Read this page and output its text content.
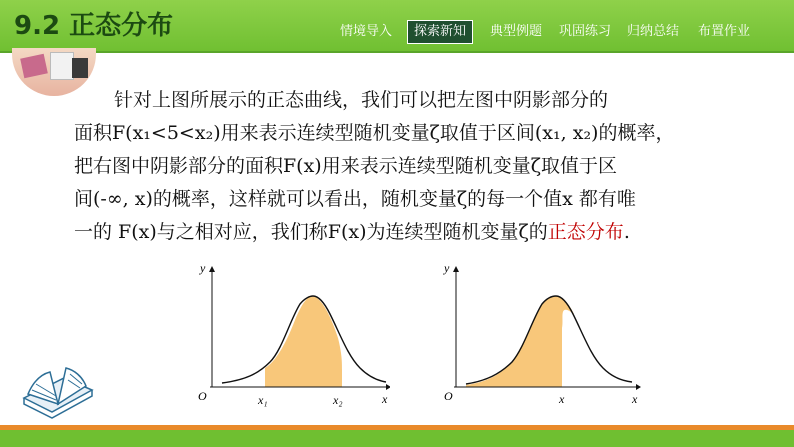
9.2 正态分布	情境导入	探索新知	典型例题	巩固练习	归纳总结	布置作业

针对上图所展示的正态曲线，我们可以把左图中阴影部分的

面积F(x₁<5<x₂)用来表示连续型随机变量ζ取值于区间(x₁, x₂)的概率，

把右图中阴影部分的面积F(x)用来表示连续型随机变量ζ取值于区

间(-∞, x)的概率，这样就可以看出，随机变量ζ的每一个值x 都有唯

一的 F(x)与之相对应，我们称F(x)为连续型随机变量ζ的正态分布.

y
O	x₁	x₂	x
y
O	x	x
